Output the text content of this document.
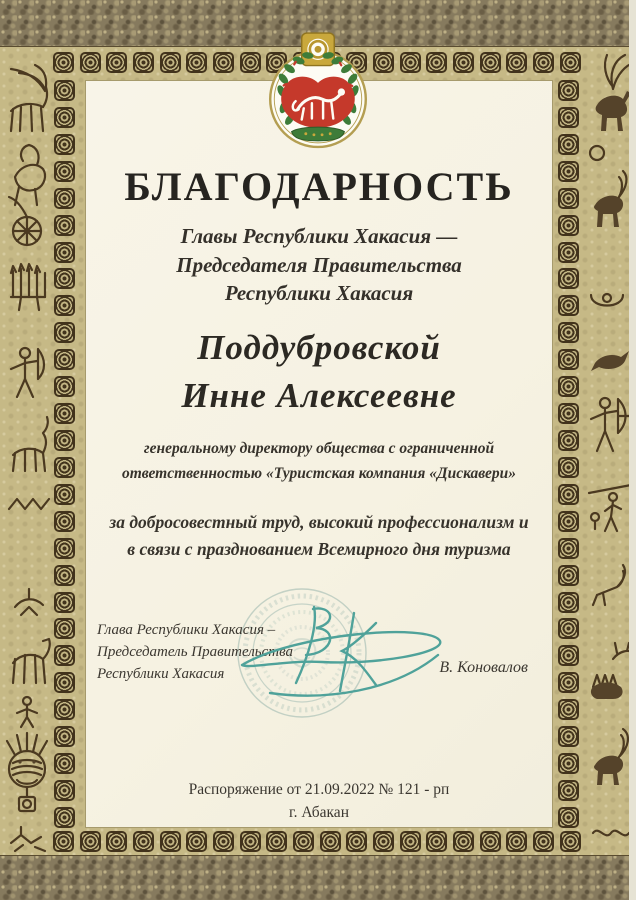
БЛАГОДАРНОСТЬ
Главы Республики Хакасия —
Председателя Правительства
Республики Хакасия
Поддубровской
Инне Алексеевне
генеральному директору общества с ограниченной
ответственностью «Туристская компания «Дискавери»
за добросовестный труд, высокий профессионализм и
в связи с празднованием Всемирного дня туризма
Глава Республики Хакасия –
Председатель Правительства
Республики Хакасия	В. Коновалов
Распоряжение от 21.09.2022 № 121 - рп
г. Абакан
